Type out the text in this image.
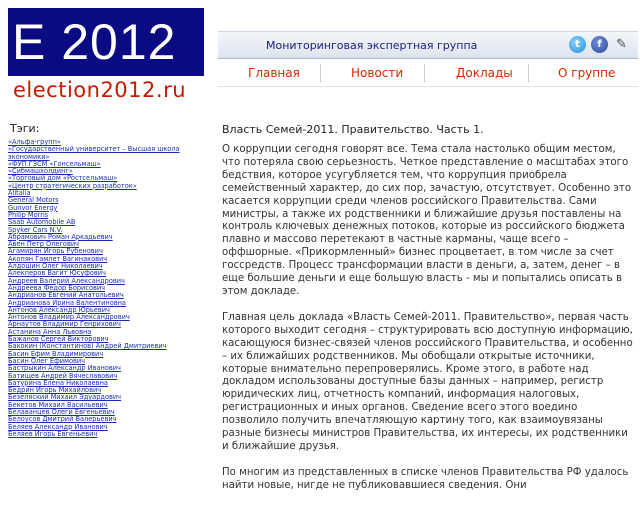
E 2012
election2012.ru
Мониторинговая экспертная группа	t	f	✎
Главная	Новости	Доклады	О группе
Тэги:
«Альфа-групп»
«Государственный университет – Высшая школа экономики»
«ФУП ГЗСМ «Гонсельмаш»
«Сибмашхолдинг»
«Торговый дом «Ростсельмаш»
«Центр стратегических разработок»
Alitalia
General Motors
Gunvor Energy
Philip Morris
Saab Automobile AB
Spyker Cars N.V.
Абрамович Роман Аркадьевич
Авен Петр Олегович
Агамирян Игорь Рубенович
Акопян Гамлет Вагинакович
Алдошин Олег Николаевич
Алекперов Вагит Юсуфович
Андреев Валерий Александрович
Андреева Федор Борисович
Андрианов Евгений Анатольевич
Андрианова Ирина Валентиновна
Антонов Александр Юрьевич
Антонов Владимир Александрович
Арнаутов Владимир Генрихович
Астанина Анна Львовна
Бажанов Сергей Викторович
Бакокин (Константинов) Андрей Дмитриевич
Басин Ефим Владимирович
Басин Олег Ефимович
Бастрыкин Александр Иванович
Батищев Андрей Вячеславович
Батурина Елена Николаевна
Бедрин Игорь Михайлович
Безеляский Михаил Эдуардович
Бекетов Михаил Васильевич
Белаванцев Олеги Евгеньевич
Белоусов Дмитрий Валерьевич
Беляев Александр Иванович
Беляев Игорь Евгеньевич
Власть Семей-2011. Правительство. Часть 1.

О коррупции сегодня говорят все. Тема стала настолько общим местом, что потеряла свою серьезность. Четкое представление о масштабах этого бедствия, которое усугубляется тем, что коррупция приобрела семейственный характер, до сих пор, зачастую, отсутствует. Особенно это касается коррупции среди членов российского Правительства. Сами министры, а также их родственники и ближайшие друзья поставлены на контроль ключевых денежных потоков, которые из российского бюджета плавно и массово перетекают в частные карманы, чаще всего – оффшорные. «Прикормленный» бизнес процветает, в том числе за счет госсредств. Процесс трансформации власти в деньги, а, затем, денег – в еще большие деньги и еще большую власть - мы и попытались описать в этом докладе.

Главная цель доклада «Власть Семей-2011. Правительство», первая часть которого выходит сегодня – структурировать всю доступную информацию, касающуюся бизнес-связей членов российского Правительства, и особенно – их ближайших родственников. Мы обобщали открытые источники, которые внимательно перепроверялись. Кроме этого, в работе над докладом использованы доступные базы данных – например, регистр юридических лиц, отчетность компаний, информация налоговых, регистрационных и иных органов. Сведение всего этого воедино позволило получить впечатляющую картину того, как взаимоувязаны разные бизнесы министров Правительства, их интересы, их родственники и ближайшие друзья.

По многим из представленных в списке членов Правительства РФ удалось найти новые, нигде не публиковавшиеся сведения. Они
